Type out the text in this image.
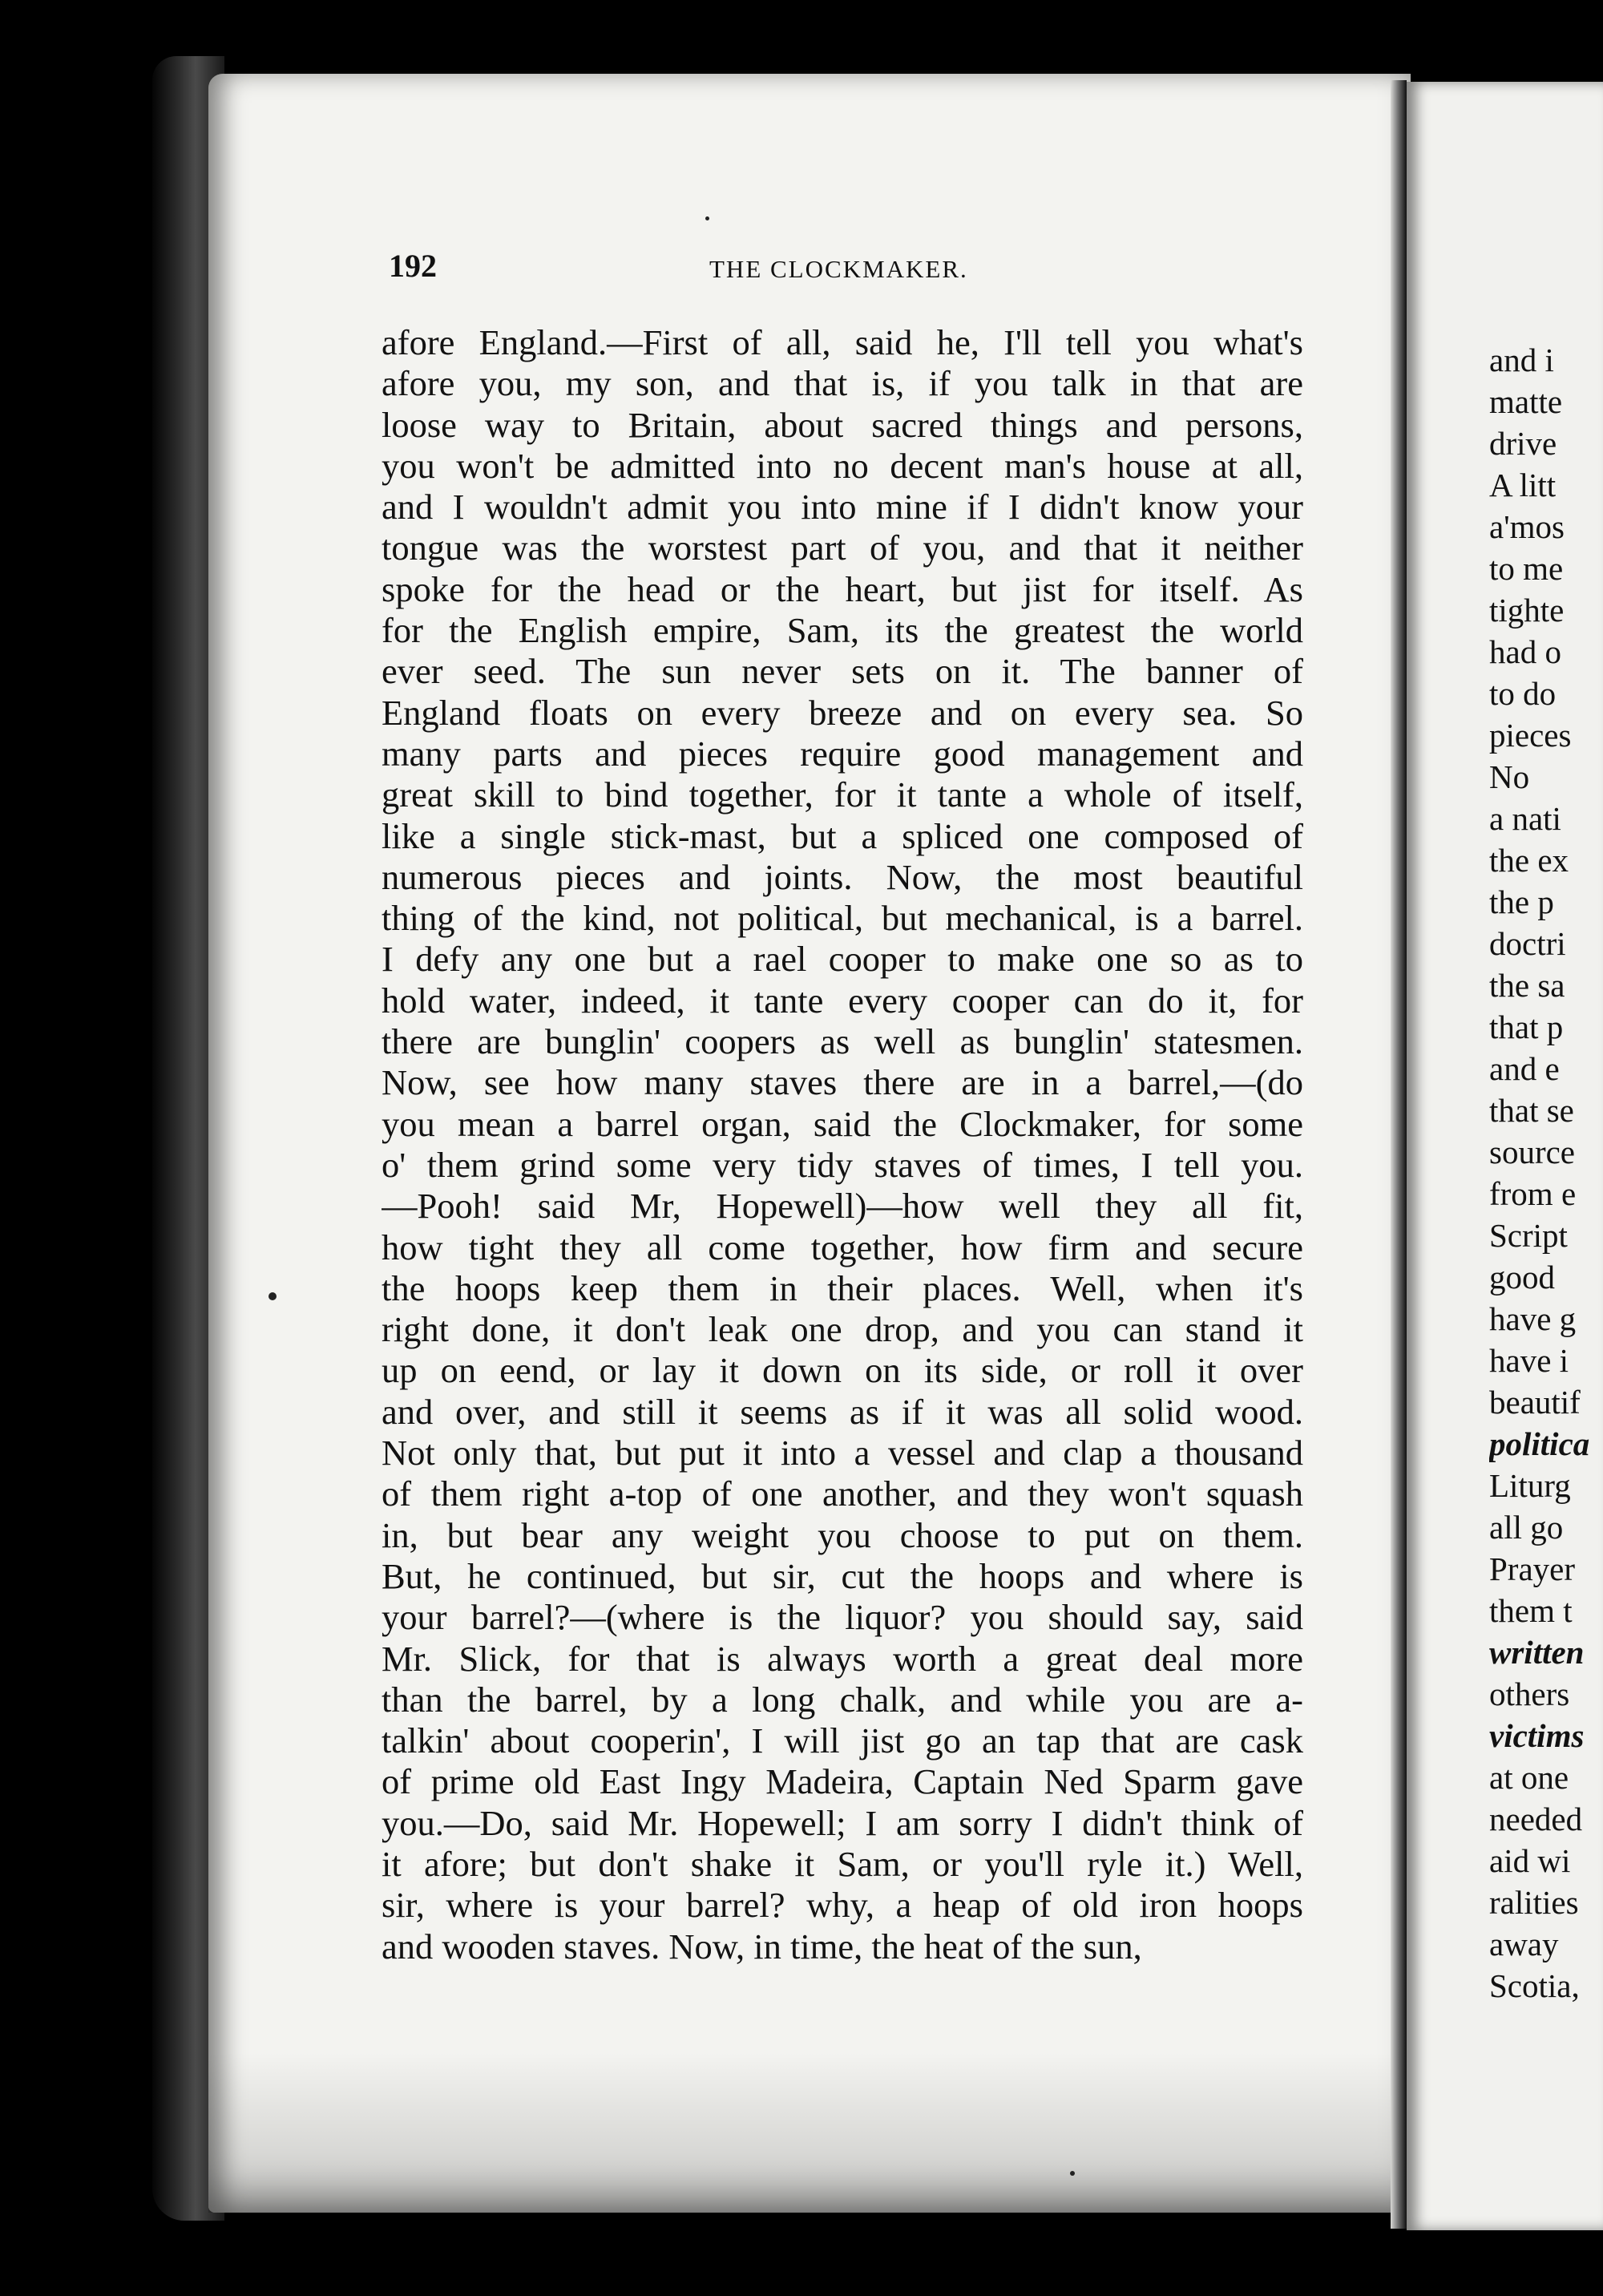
192	THE CLOCKMAKER.
afore England.—First of all, said he, I'll tell you what's
afore you, my son, and that is, if you talk in that are
loose way to Britain, about sacred things and persons,
you won't be admitted into no decent man's house at all,
and I wouldn't admit you into mine if I didn't know your
tongue was the worstest part of you, and that it neither
spoke for the head or the heart, but jist for itself. As
for the English empire, Sam, its the greatest the world
ever seed. The sun never sets on it. The banner of
England floats on every breeze and on every sea. So
many parts and pieces require good management and
great skill to bind together, for it tante a whole of itself,
like a single stick-mast, but a spliced one composed of
numerous pieces and joints. Now, the most beautiful
thing of the kind, not political, but mechanical, is a barrel.
I defy any one but a rael cooper to make one so as to
hold water, indeed, it tante every cooper can do it, for
there are bunglin' coopers as well as bunglin' statesmen.
Now, see how many staves there are in a barrel,—(do
you mean a barrel organ, said the Clockmaker, for some
o' them grind some very tidy staves of times, I tell you.
—Pooh! said Mr, Hopewell)—how well they all fit,
how tight they all come together, how firm and secure
the hoops keep them in their places. Well, when it's
right done, it don't leak one drop, and you can stand it
up on eend, or lay it down on its side, or roll it over
and over, and still it seems as if it was all solid wood.
Not only that, but put it into a vessel and clap a thousand
of them right a-top of one another, and they won't squash
in, but bear any weight you choose to put on them.
But, he continued, but sir, cut the hoops and where is
your barrel?—(where is the liquor? you should say, said
Mr. Slick, for that is always worth a great deal more
than the barrel, by a long chalk, and while you are a-
talkin' about cooperin', I will jist go an tap that are cask
of prime old East Ingy Madeira, Captain Ned Sparm gave
you.—Do, said Mr. Hopewell; I am sorry I didn't think of
it afore; but don't shake it Sam, or you'll ryle it.) Well,
sir, where is your barrel? why, a heap of old iron hoops
and wooden staves. Now, in time, the heat of the sun,
and i
matte
drive
A litt
a'mos
to me
tighte
had o
to do
pieces
No
a nati
the ex
the p
doctri
the sa
that p
and e
that se
source
from e
Script
good
have g
have i
beautif
politica
Liturg
all go
Prayer
them t
written
others
victims
at one
needed
aid wi
ralities
away
Scotia,
